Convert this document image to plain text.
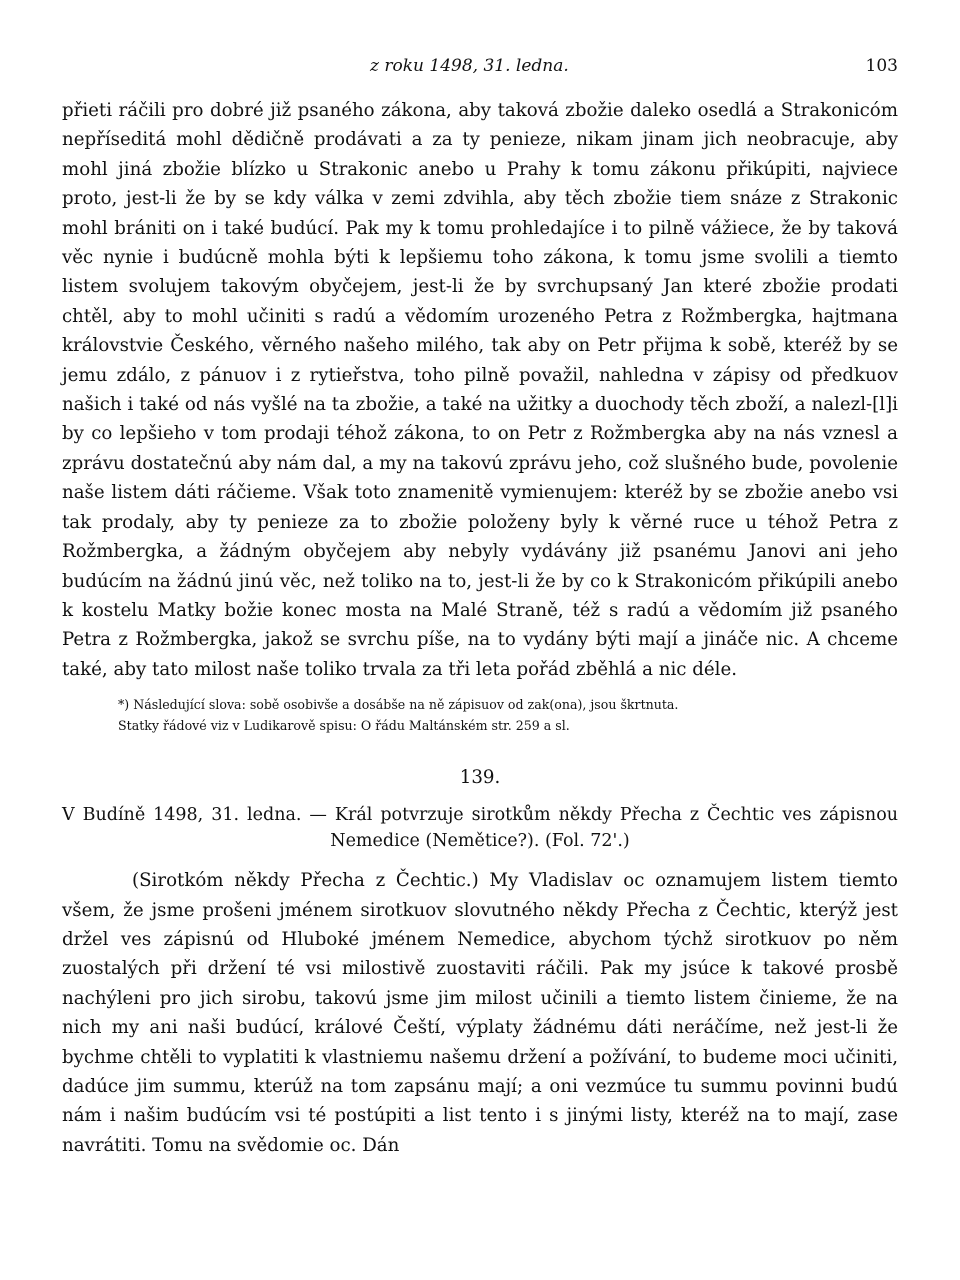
z roku 1498, 31. ledna.	103

přieti ráčili pro dobré již psaného zákona, aby taková zbožie daleko osedlá a Strakonicóm nepříseditá mohl dědičně prodávati a za ty penieze, nikam jinam jich neobracuje, aby mohl jiná zbožie blízko u Strakonic anebo u Prahy k tomu zákonu přikúpiti, najviece proto, jest-li že by se kdy válka v zemi zdvihla, aby těch zbožie tiem snáze z Strakonic mohl brániti on i také budúcí. Pak my k tomu prohledajíce i to pilně vážiece, že by taková věc nynie i budúcně mohla býti k lepšiemu toho zákona, k tomu jsme svolili a tiemto listem svolujem takovým obyčejem, jest-li že by svrchupsaný Jan které zbožie prodati chtěl, aby to mohl učiniti s radú a vědomím urozeného Petra z Rožmbergka, hajtmana královstvie Českého, věrného našeho milého, tak aby on Petr přijma k sobě, kteréž by se jemu zdálo, z pánuov i z rytieřstva, toho pilně považil, nahledna v zápisy od předkuov našich i také od nás vyšlé na ta zbožie, a také na užitky a duochody těch zboží, a nalezl-[l]i by co lepšieho v tom prodaji téhož zákona, to on Petr z Rožmbergka aby na nás vznesl a zprávu dostatečnú aby nám dal, a my na takovú zprávu jeho, což slušného bude, povolenie naše listem dáti ráčieme. Však toto znamenitě vymienujem: kteréž by se zbožie anebo vsi tak prodaly, aby ty penieze za to zbožie položeny byly k věrné ruce u téhož Petra z Rožmbergka, a žádným obyčejem aby nebyly vydávány již psanému Janovi ani jeho budúcím na žádnú jinú věc, než toliko na to, jest-li že by co k Strakonicóm přikúpili anebo k kostelu Matky božie konec mosta na Malé Straně, též s radú a vědomím již psaného Petra z Rožmbergka, jakož se svrchu píše, na to vydány býti mají a jináče nic. A chceme také, aby tato milost naše toliko trvala za tři leta pořád zběhlá a nic déle.

*) Následující slova: sobě osobivše a dosábše na ně zápisuov od zak(ona), jsou škrtnuta.

Statky řádové viz v Ludikarově spisu: O řádu Maltánském str. 259 a sl.

139.
V Budíně 1498, 31. ledna. — Král potvrzuje sirotkům někdy Přecha z Čechtic ves zápisnou
Nemedice (Nemětice?). (Fol. 72'.)

(Sirotkóm někdy Přecha z Čechtic.) My Vladislav oc oznamujem listem tiemto všem, že jsme prošeni jménem sirotkuov slovutného někdy Přecha z Čechtic, kterýž jest držel ves zápisnú od Hluboké jménem Nemedice, abychom týchž sirotkuov po něm zuostalých při držení té vsi milostivě zuostaviti ráčili. Pak my jsúce k takové prosbě nachýleni pro jich sirobu, takovú jsme jim milost učinili a tiemto listem činieme, že na nich my ani naši budúcí, králové Čeští, výplaty žádnému dáti neráčíme, než jest-li že bychme chtěli to vyplatiti k vlastniemu našemu držení a požívání, to budeme moci učiniti, dadúce jim summu, kterúž na tom zapsánu mají; a oni vezmúce tu summu povinni budú nám i našim budúcím vsi té postúpiti a list tento i s jinými listy, kteréž na to mají, zase navrátiti. Tomu na svědomie oc. Dán
